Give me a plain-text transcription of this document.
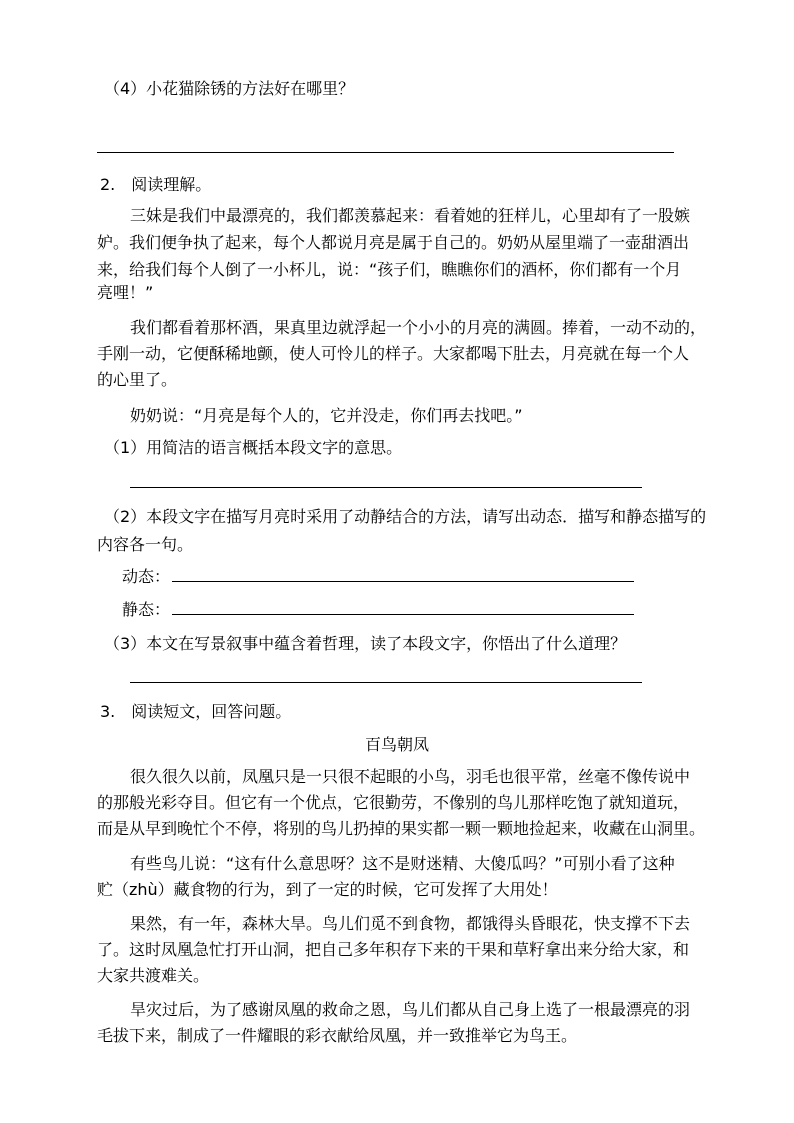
（4）小花猫除锈的方法好在哪里？
2.　阅读理解。
三妹是我们中最漂亮的，我们都羡慕起来：看着她的狂样儿，心里却有了一股嫉
妒。我们便争执了起来，每个人都说月亮是属于自己的。奶奶从屋里端了一壶甜酒出
来，给我们每个人倒了一小杯儿，说：“孩子们，瞧瞧你们的酒杯，你们都有一个月
亮哩！”
我们都看着那杯酒，果真里边就浮起一个小小的月亮的满圆。捧着，一动不动的，
手刚一动，它便酥稀地颤，使人可怜儿的样子。大家都喝下肚去，月亮就在每一个人
的心里了。
奶奶说：“月亮是每个人的，它并没走，你们再去找吧。”
（1）用简洁的语言概括本段文字的意思。
（2）本段文字在描写月亮时采用了动静结合的方法，请写出动态．描写和静态描写的
内容各一句。
动态：
静态：
（3）本文在写景叙事中蕴含着哲理，读了本段文字，你悟出了什么道理？
3.　阅读短文，回答问题。
百鸟朝凤
很久很久以前，凤凰只是一只很不起眼的小鸟，羽毛也很平常，丝毫不像传说中
的那般光彩夺目。但它有一个优点，它很勤劳，不像别的鸟儿那样吃饱了就知道玩，
而是从早到晚忙个不停，将别的鸟儿扔掉的果实都一颗一颗地捡起来，收藏在山洞里。
有些鸟儿说：“这有什么意思呀？这不是财迷精、大傻瓜吗？”可别小看了这种
贮（zhù）藏食物的行为，到了一定的时候，它可发挥了大用处！
果然，有一年，森林大旱。鸟儿们觅不到食物，都饿得头昏眼花，快支撑不下去
了。这时凤凰急忙打开山洞，把自己多年积存下来的干果和草籽拿出来分给大家，和
大家共渡难关。
旱灾过后，为了感谢凤凰的救命之恩，鸟儿们都从自己身上选了一根最漂亮的羽
毛拔下来，制成了一件耀眼的彩衣献给凤凰，并一致推举它为鸟王。
